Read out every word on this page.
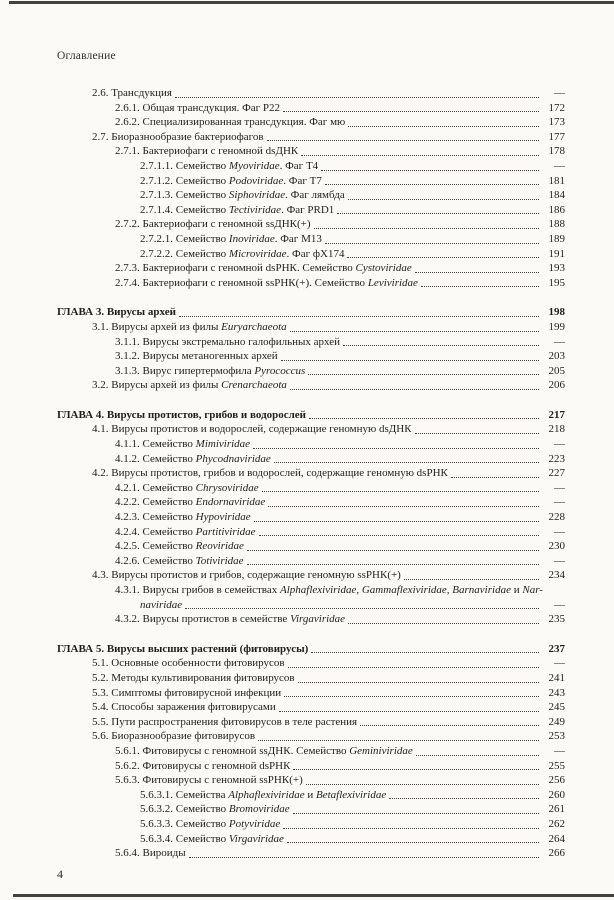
Оглавление
2.6. Трансдукция	—
2.6.1. Общая трансдукция. Фаг Р22	172
2.6.2. Специализированная трансдукция. Фаг мю	173
2.7. Биоразнообразие бактериофагов	177
2.7.1. Бактериофаги с геномной dsДНК	178
2.7.1.1. Семейство Myoviridae. Фаг Т4	—
2.7.1.2. Семейство Podoviridae. Фаг Т7	181
2.7.1.3. Семейство Siphoviridae. Фаг лямбда	184
2.7.1.4. Семейство Tectiviridae. Фаг PRD1	186
2.7.2. Бактериофаги с геномной ssДНК(+)	188
2.7.2.1. Семейство Inoviridae. Фаг М13	189
2.7.2.2. Семейство Microviridae. Фаг фХ174	191
2.7.3. Бактериофаги с геномной dsРНК. Семейство Cystoviridae	193
2.7.4. Бактериофаги с геномной ssРНК(+). Семейство Leviviridae	195
ГЛАВА 3. Вирусы архей	198
3.1. Вирусы архей из филы Euryarchaeota	199
3.1.1. Вирусы экстремально галофильных архей	—
3.1.2. Вирусы метаногенных архей	203
3.1.3. Вирус гипертермофила Pyrococcus	205
3.2. Вирусы архей из филы Crenarchaeota	206
ГЛАВА 4. Вирусы протистов, грибов и водорослей	217
4.1. Вирусы протистов и водорослей, содержащие геномную dsДНК	218
4.1.1. Семейство Mimiviridae	—
4.1.2. Семейство Phycodnaviridae	223
4.2. Вирусы протистов, грибов и водорослей, содержащие геномную dsРНК	227
4.2.1. Семейство Chrysoviridae	—
4.2.2. Семейство Endornaviridae	—
4.2.3. Семейство Hypoviridae	228
4.2.4. Семейство Partitiviridae	—
4.2.5. Семейство Reoviridae	230
4.2.6. Семейство Totiviridae	—
4.3. Вирусы протистов и грибов, содержащие геномную ssРНК(+)	234
4.3.1. Вирусы грибов в семействах Alphaflexiviridae, Gammaflexiviridae, Barnaviridae и Nar-
naviridae	—
4.3.2. Вирусы протистов в семействе Virgaviridae	235
ГЛАВА 5. Вирусы высших растений (фитовирусы)	237
5.1. Основные особенности фитовирусов	—
5.2. Методы культивирования фитовирусов	241
5.3. Симптомы фитовирусной инфекции	243
5.4. Способы заражения фитовирусами	245
5.5. Пути распространения фитовирусов в теле растения	249
5.6. Биоразнообразие фитовирусов	253
5.6.1. Фитовирусы с геномной ssДНК. Семейство Geminiviridae	—
5.6.2. Фитовирусы с геномной dsРНК	255
5.6.3. Фитовирусы с геномной ssРНК(+)	256
5.6.3.1. Семейства Alphaflexiviridae и Betaflexiviridae	260
5.6.3.2. Семейство Bromoviridae	261
5.6.3.3. Семейство Potyviridae	262
5.6.3.4. Семейство Virgaviridae	264
5.6.4. Вироиды	266
4
